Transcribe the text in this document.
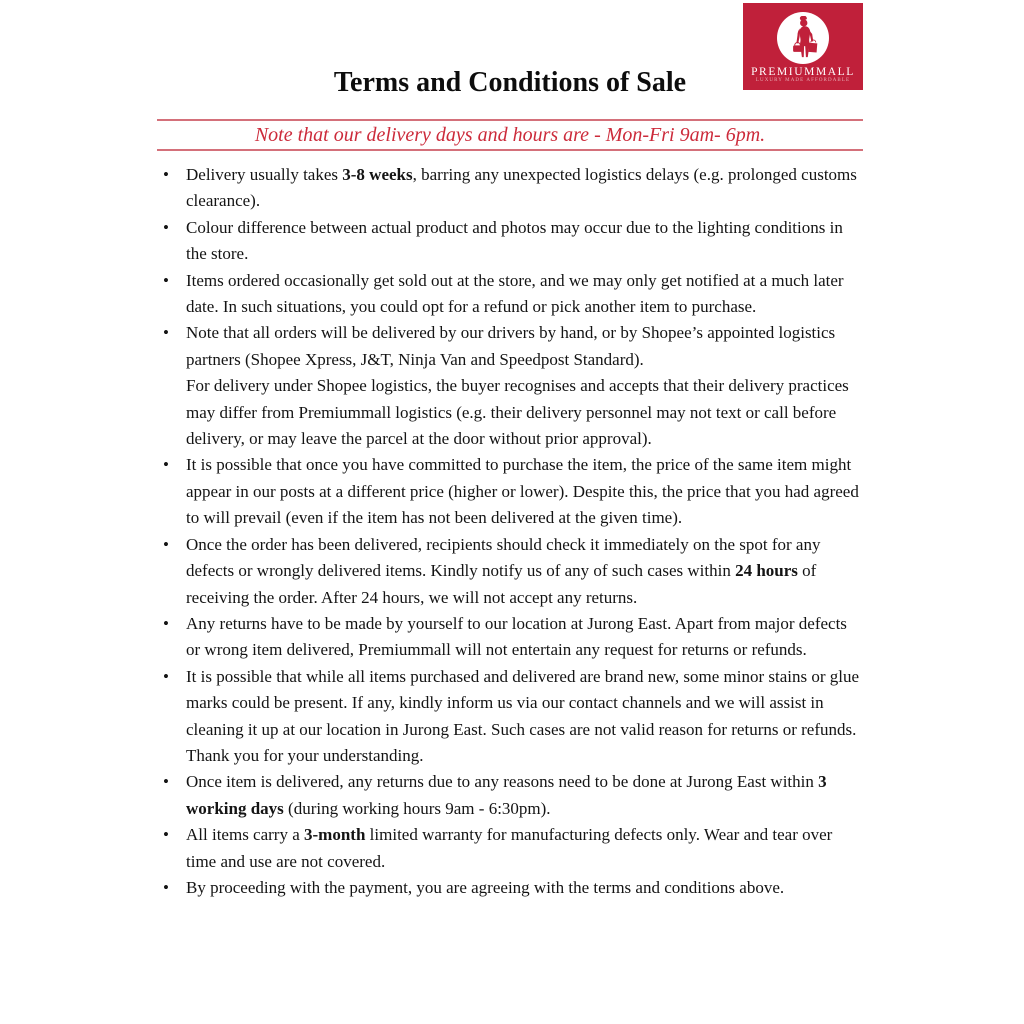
PREMIUMMALL
LUXURY MADE AFFORDABLE
Terms and Conditions of Sale
Note that our delivery days and hours are - Mon-Fri 9am- 6pm.
•	Delivery usually takes 3-8 weeks, barring any unexpected logistics delays (e.g. prolonged customs clearance).
•	Colour difference between actual product and photos may occur due to the lighting conditions in the store.
•	Items ordered occasionally get sold out at the store, and we may only get notified at a much later date. In such situations, you could opt for a refund or pick another item to purchase.
•	Note that all orders will be delivered by our drivers by hand, or by Shopee’s appointed logistics partners (Shopee Xpress, J&T, Ninja Van and Speedpost Standard).
For delivery under Shopee logistics, the buyer recognises and accepts that their delivery practices may differ from Premiummall logistics (e.g. their delivery personnel may not text or call before delivery, or may leave the parcel at the door without prior approval).
•	It is possible that once you have committed to purchase the item, the price of the same item might appear in our posts at a different price (higher or lower). Despite this, the price that you had agreed to will prevail (even if the item has not been delivered at the given time).
•	Once the order has been delivered, recipients should check it immediately on the spot for any defects or wrongly delivered items. Kindly notify us of any of such cases within 24 hours of receiving the order. After 24 hours, we will not accept any returns.
•	Any returns have to be made by yourself to our location at Jurong East. Apart from major defects or wrong item delivered, Premiummall will not entertain any request for returns or refunds.
•	It is possible that while all items purchased and delivered are brand new, some minor stains or glue marks could be present. If any, kindly inform us via our contact channels and we will assist in cleaning it up at our location in Jurong East. Such cases are not valid reason for returns or refunds. Thank you for your understanding.
•	Once item is delivered, any returns due to any reasons need to be done at Jurong East within 3 working days (during working hours 9am - 6:30pm).
•	All items carry a 3-month limited warranty for manufacturing defects only. Wear and tear over time and use are not covered.
•	By proceeding with the payment, you are agreeing with the terms and conditions above.
